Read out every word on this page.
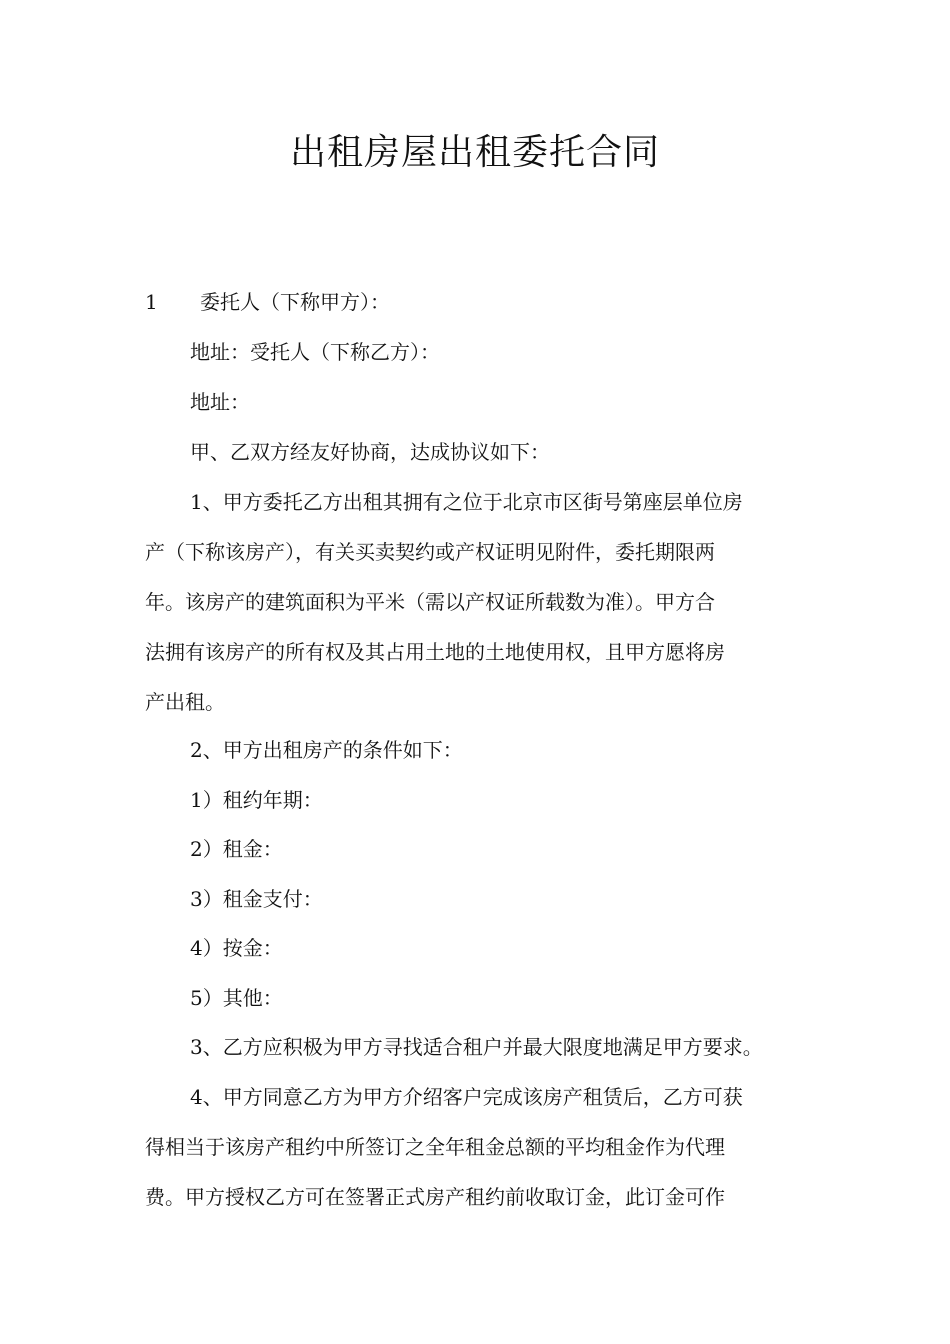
出租房屋出租委托合同
1 委托人（下称甲方）：
地址：受托人（下称乙方）：
地址：
甲、乙双方经友好协商，达成协议如下：
1、甲方委托乙方出租其拥有之位于北京市区街号第座层单位房
产（下称该房产），有关买卖契约或产权证明见附件，委托期限两
年。该房产的建筑面积为平米（需以产权证所载数为准）。甲方合
法拥有该房产的所有权及其占用土地的土地使用权，且甲方愿将房
产出租。
2、甲方出租房产的条件如下：
1）租约年期：
2）租金：
3）租金支付：
4）按金：
5）其他：
3、乙方应积极为甲方寻找适合租户并最大限度地满足甲方要求。
4、甲方同意乙方为甲方介绍客户完成该房产租赁后，乙方可获
得相当于该房产租约中所签订之全年租金总额的平均租金作为代理
费。甲方授权乙方可在签署正式房产租约前收取订金，此订金可作
